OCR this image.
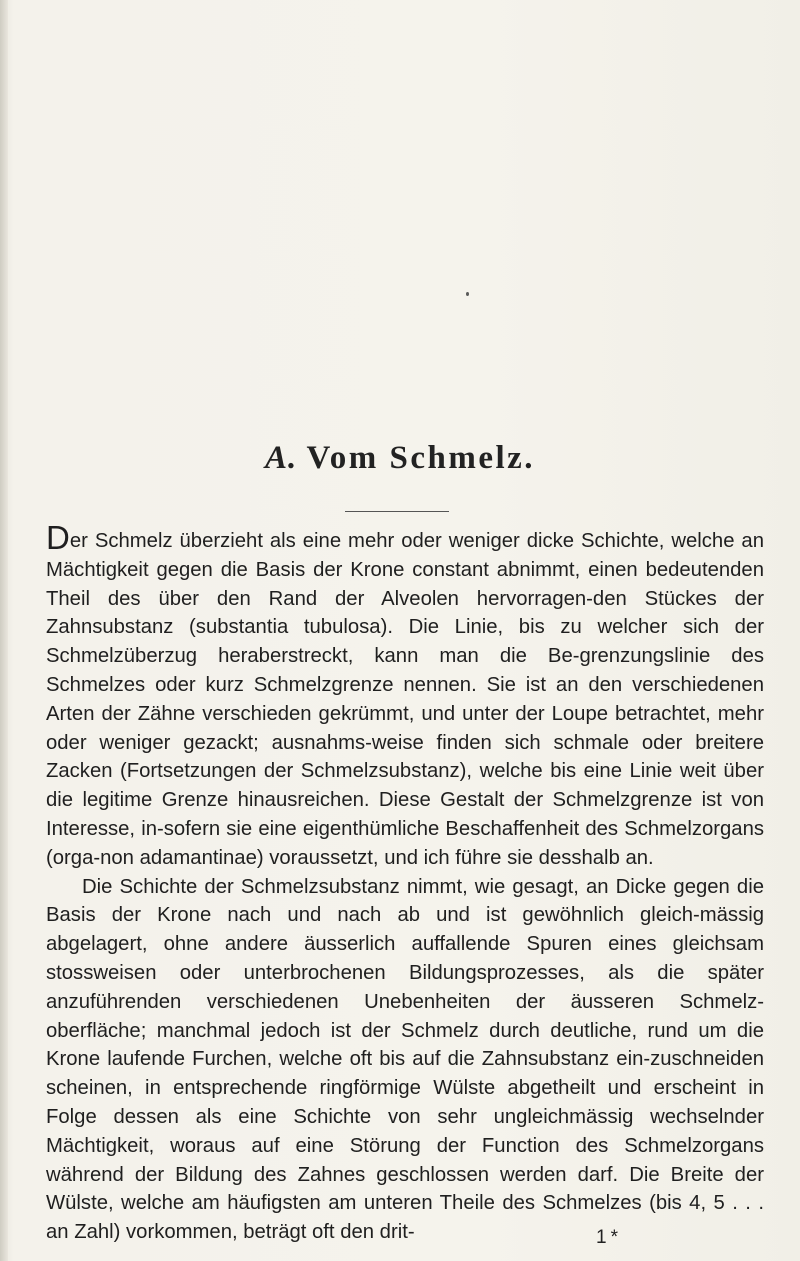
A. Vom Schmelz.

Der Schmelz überzieht als eine mehr oder weniger dicke Schichte, welche an Mächtigkeit gegen die Basis der Krone constant abnimmt, einen bedeutenden Theil des über den Rand der Alveolen hervorragen-den Stückes der Zahnsubstanz (substantia tubulosa). Die Linie, bis zu welcher sich der Schmelzüberzug heraberstreckt, kann man die Be-grenzungslinie des Schmelzes oder kurz Schmelzgrenze nennen. Sie ist an den verschiedenen Arten der Zähne verschieden gekrümmt, und unter der Loupe betrachtet, mehr oder weniger gezackt; ausnahms-weise finden sich schmale oder breitere Zacken (Fortsetzungen der Schmelzsubstanz), welche bis eine Linie weit über die legitime Grenze hinausreichen. Diese Gestalt der Schmelzgrenze ist von Interesse, in-sofern sie eine eigenthümliche Beschaffenheit des Schmelzorgans (orga-non adamantinae) voraussetzt, und ich führe sie desshalb an.

Die Schichte der Schmelzsubstanz nimmt, wie gesagt, an Dicke gegen die Basis der Krone nach und nach ab und ist gewöhnlich gleich-mässig abgelagert, ohne andere äusserlich auffallende Spuren eines gleichsam stossweisen oder unterbrochenen Bildungsprozesses, als die später anzuführenden verschiedenen Unebenheiten der äusseren Schmelz-oberfläche; manchmal jedoch ist der Schmelz durch deutliche, rund um die Krone laufende Furchen, welche oft bis auf die Zahnsubstanz ein-zuschneiden scheinen, in entsprechende ringförmige Wülste abgetheilt und erscheint in Folge dessen als eine Schichte von sehr ungleichmässig wechselnder Mächtigkeit, woraus auf eine Störung der Function des Schmelzorgans während der Bildung des Zahnes geschlossen werden darf. Die Breite der Wülste, welche am häufigsten am unteren Theile des Schmelzes (bis 4, 5 . . . an Zahl) vorkommen, beträgt oft den drit-	1*
